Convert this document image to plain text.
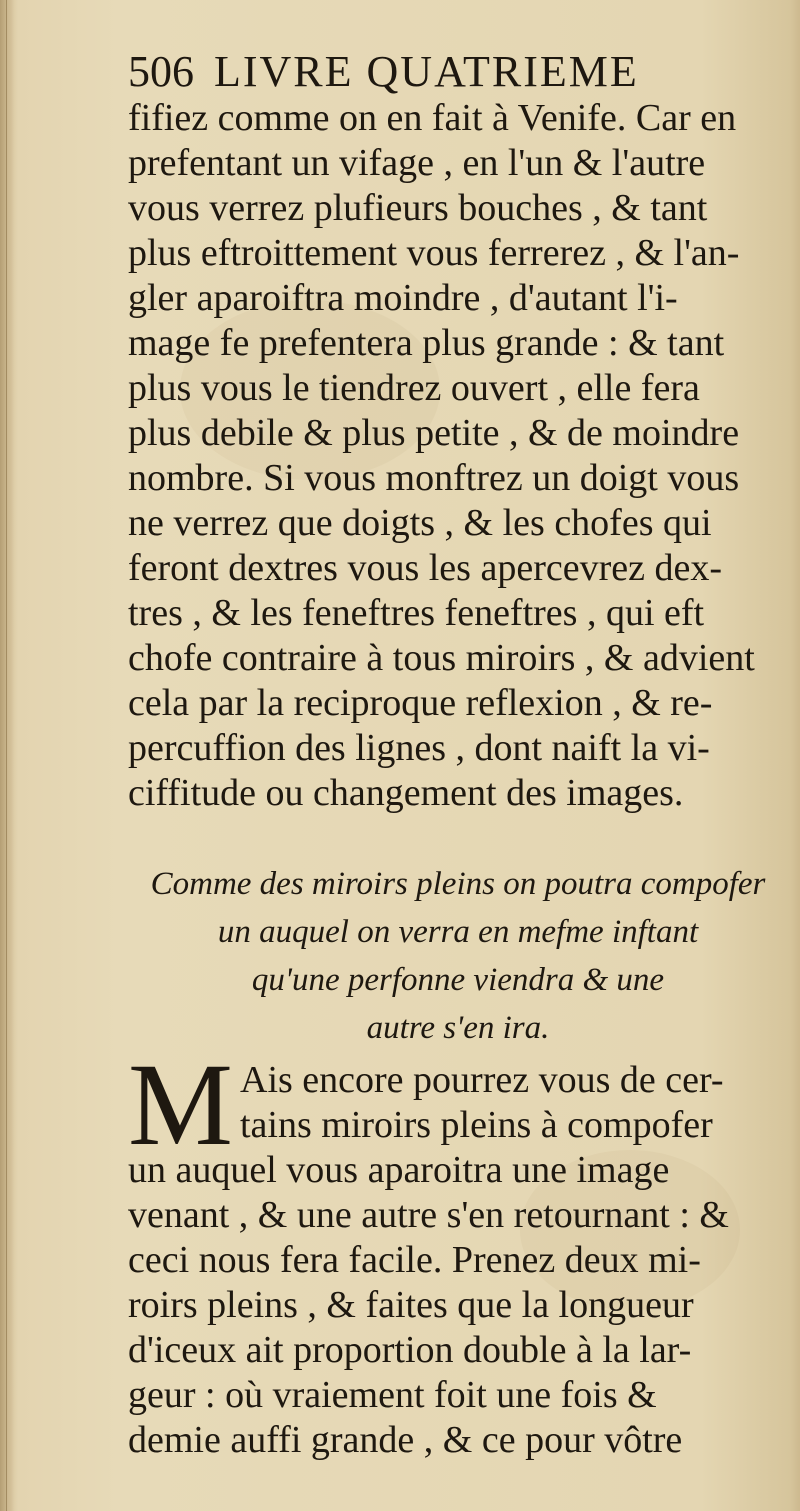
506 LIVRE QUATRIEME
fifiez comme on en fait à Venife. Car en
prefentant un vifage , en l'un & l'autre
vous verrez plufieurs bouches , & tant
plus eftroittement vous ferrerez , & l'an-
gler aparoiftra moindre , d'autant l'i-
mage fe prefentera plus grande : & tant
plus vous le tiendrez ouvert , elle fera
plus debile & plus petite , & de moindre
nombre. Si vous monftrez un doigt vous
ne verrez que doigts , & les chofes qui
feront dextres vous les apercevrez dex-
tres , & les feneftres feneftres , qui eft
chofe contraire à tous miroirs , & advient
cela par la reciproque reflexion , & re-
percuffion des lignes , dont naift la vi-
ciffitude ou changement des images.
Comme des miroirs pleins on poutra compofer
un auquel on verra en mefme inftant
qu'une perfonne viendra & une
autre s'en ira.
M Ais encore pourrez vous de cer-
tains miroirs pleins à compofer
un auquel vous aparoitra une image
venant , & une autre s'en retournant : &
ceci nous fera facile. Prenez deux mi-
roirs pleins , & faites que la longueur
d'iceux ait proportion double à la lar-
geur : où vraiement foit une fois &
demie auffi grande , & ce pour vôtre
